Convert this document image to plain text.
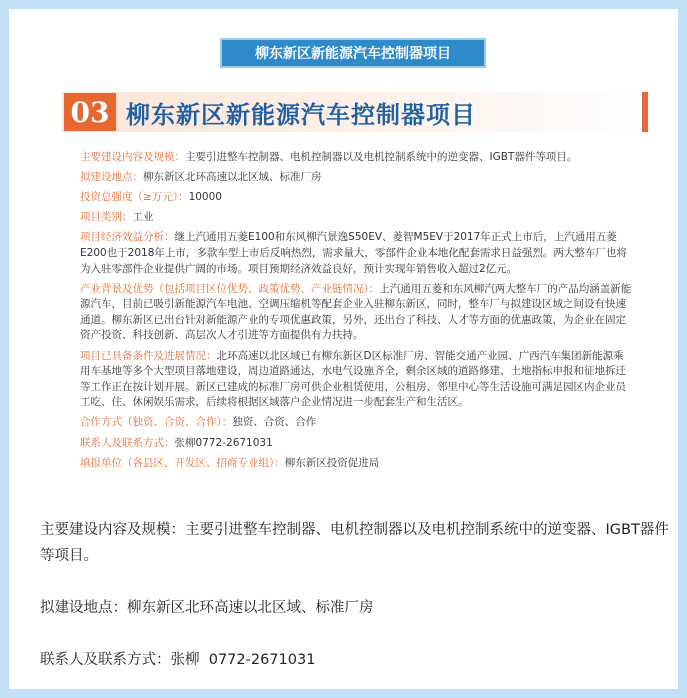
柳东新区新能源汽车控制器项目
03 柳东新区新能源汽车控制器项目

主要建设内容及规模：主要引进整车控制器、电机控制器以及电机控制系统中的逆变器、IGBT器件等项目。

拟建设地点：柳东新区北环高速以北区域、标准厂房

投资总强度（≥万元）：10000

项目类别：工业

项目经济效益分析：继上汽通用五菱E100和东风柳汽景逸S50EV、菱智M5EV于2017年正式上市后，上汽通用五菱E200也于2018年上市，多款车型上市后反响热烈，需求量大，零部件企业本地化配套需求日益强烈。两大整车厂也将为入驻零部件企业提供广阔的市场。项目预期经济效益良好，预计实现年销售收入超过2亿元。

产业背景及优势（包括项目区位优势、政策优势、产业链情况）：上汽通用五菱和东风柳汽两大整车厂的产品均涵盖新能源汽车，目前已吸引新能源汽车电池、空调压缩机等配套企业入驻柳东新区，同时，整车厂与拟建设区域之间设有快速通道。柳东新区已出台针对新能源产业的专项优惠政策，另外，还出台了科技、人才等方面的优惠政策，为企业在固定资产投资、科技创新、高层次人才引进等方面提供有力扶持。

项目已具备条件及进展情况：北环高速以北区域已有柳东新区D区标准厂房、智能交通产业园、广西汽车集团新能源乘用车基地等多个大型项目落地建设，周边道路通达，水电气设施齐全，剩余区域的道路修建、土地指标申报和征地拆迁等工作正在按计划开展。新区已建成的标准厂房可供企业租赁使用，公租房、邻里中心等生活设施可满足园区内企业员工吃、住、休闲娱乐需求，后续将根据区域落户企业情况进一步配套生产和生活区。

合作方式（独资、合资、合作）：独资、合资、合作

联系人及联系方式：张柳0772-2671031

填报单位（各县区、开发区、招商专业组）：柳东新区投资促进局

主要建设内容及规模：主要引进整车控制器、电机控制器以及电机控制系统中的逆变器、IGBT器件等项目。

拟建设地点：柳东新区北环高速以北区域、标准厂房

联系人及联系方式：张柳  0772-2671031
